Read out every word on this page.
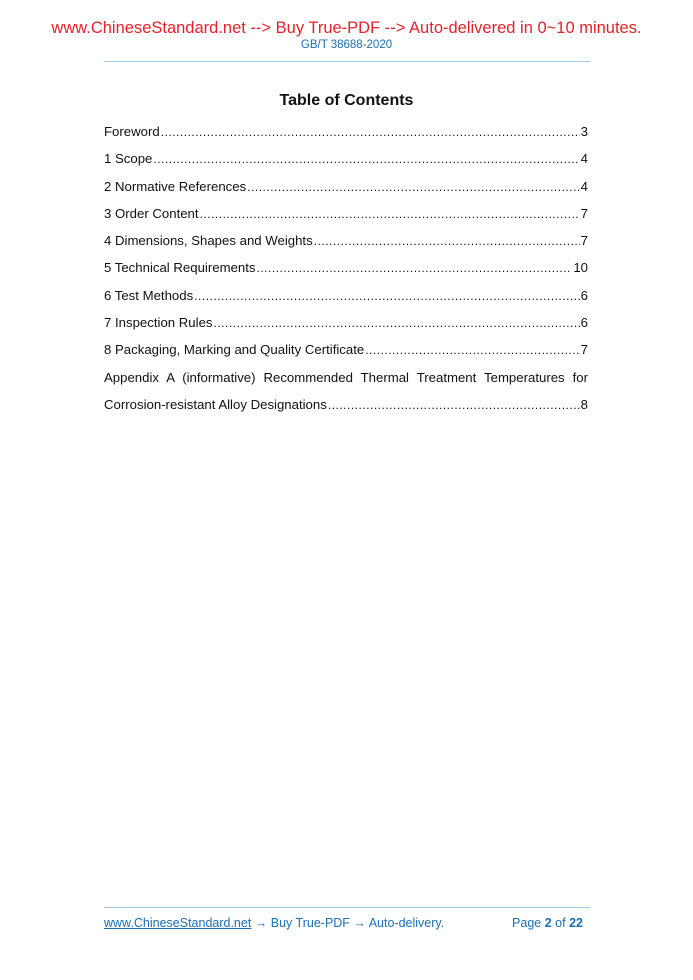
www.ChineseStandard.net --> Buy True-PDF --> Auto-delivered in 0~10 minutes.
GB/T 38688-2020
Table of Contents
Foreword .....	3
1 Scope .....	4
2 Normative References .....	4
3 Order Content .....	7
4 Dimensions, Shapes and Weights .....	7
5 Technical Requirements .....	10
6 Test Methods .....	6
7 Inspection Rules .....	6
8 Packaging, Marking and Quality Certificate .....	7
Appendix A (informative) Recommended Thermal Treatment Temperatures for
Corrosion-resistant Alloy Designations .....	8
www.ChineseStandard.net → Buy True-PDF → Auto-delivery.	Page 2 of 22
